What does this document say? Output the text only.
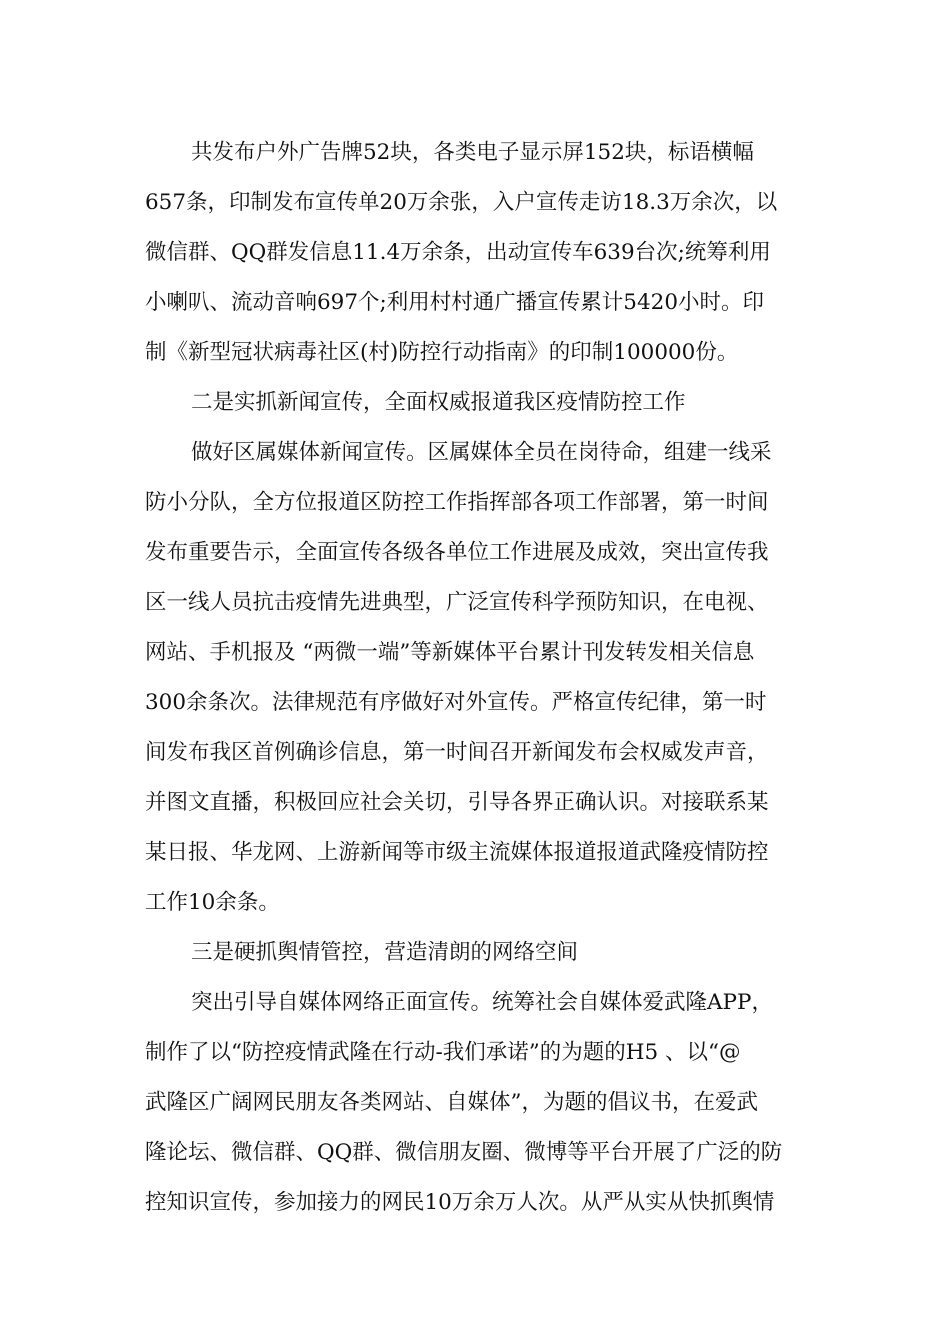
共发布户外广告牌52块，各类电子显示屏152块，标语横幅
657条，印制发布宣传单20万余张，入户宣传走访18.3万余次，以
微信群、QQ群发信息11.4万余条，出动宣传车639台次;统筹利用
小喇叭、流动音响697个;利用村村通广播宣传累计5420小时。印
制《新型冠状病毒社区(村)防控行动指南》的印制100000份。
二是实抓新闻宣传，全面权威报道我区疫情防控工作
做好区属媒体新闻宣传。区属媒体全员在岗待命，组建一线采
防小分队，全方位报道区防控工作指挥部各项工作部署，第一时间
发布重要告示，全面宣传各级各单位工作进展及成效，突出宣传我
区一线人员抗击疫情先进典型，广泛宣传科学预防知识，在电视、
网站、手机报及 “两微一端”等新媒体平台累计刊发转发相关信息
300余条次。法律规范有序做好对外宣传。严格宣传纪律，第一时
间发布我区首例确诊信息，第一时间召开新闻发布会权威发声音，
并图文直播，积极回应社会关切，引导各界正确认识。对接联系某
某日报、华龙网、上游新闻等市级主流媒体报道报道武隆疫情防控
工作10余条。
三是硬抓舆情管控，营造清朗的网络空间
突出引导自媒体网络正面宣传。统筹社会自媒体爱武隆APP，
制作了以“防控疫情武隆在行动-我们承诺”的为题的H5 、以“@
武隆区广阔网民朋友各类网站、自媒体”，为题的倡议书，在爱武
隆论坛、微信群、QQ群、微信朋友圈、微博等平台开展了广泛的防
控知识宣传，参加接力的网民10万余万人次。从严从实从快抓舆情
